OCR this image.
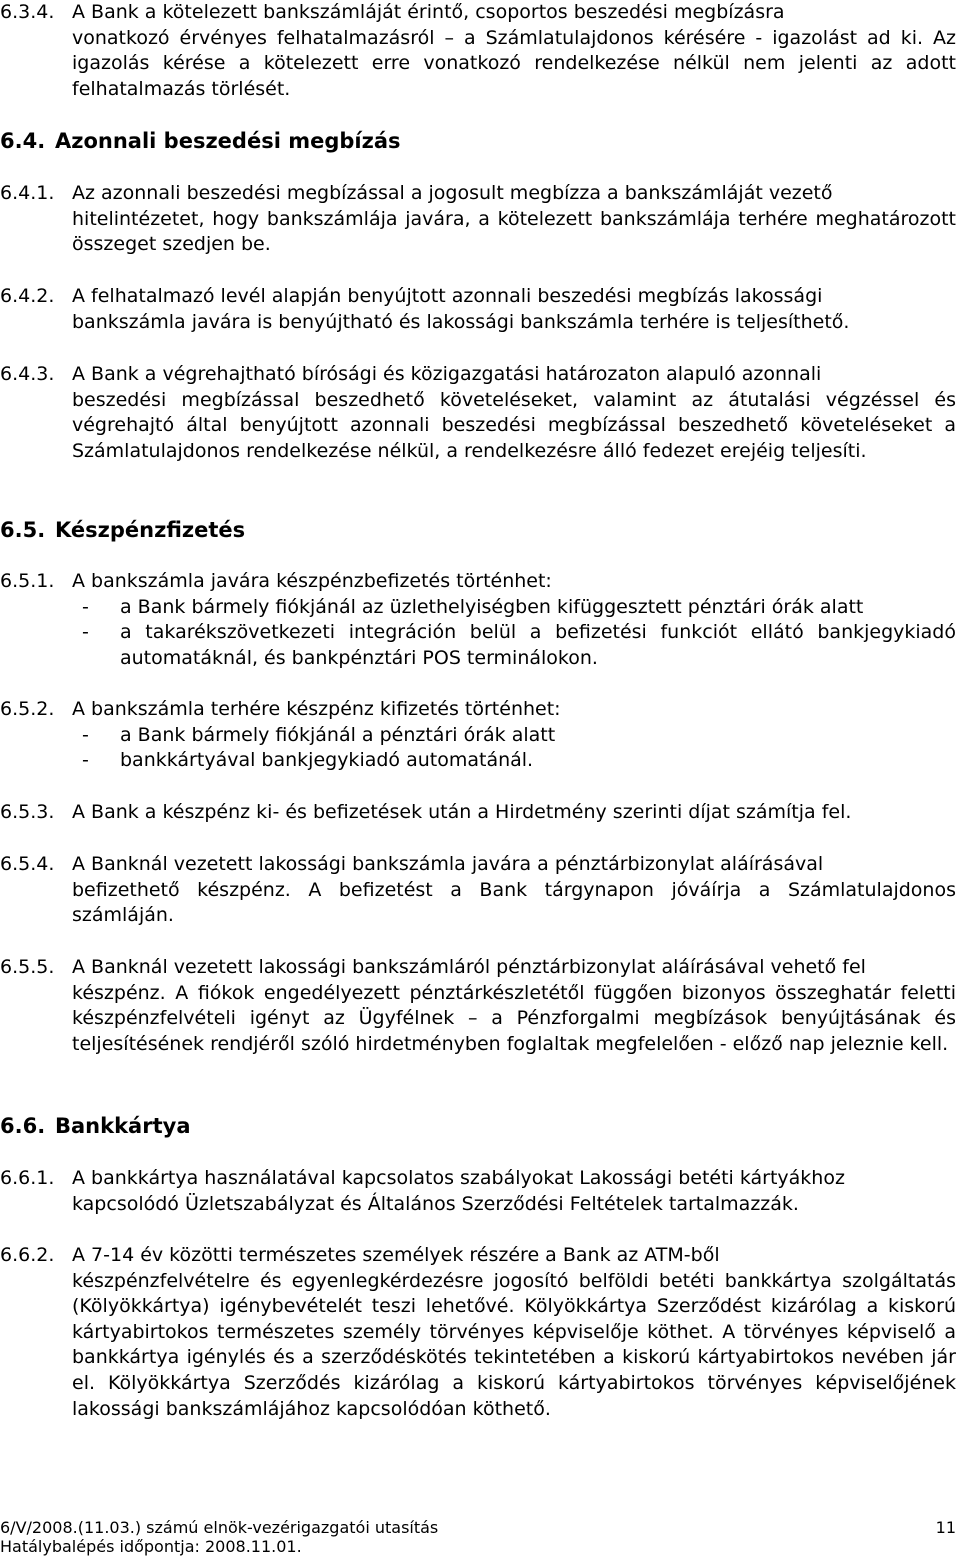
6.3.4. A Bank a kötelezett bankszámláját érintő, csoportos beszedési megbízásra
vonatkozó érvényes felhatalmazásról – a Számlatulajdonos kérésére - igazolást ad ki. Az igazolás kérése a kötelezett erre vonatkozó rendelkezése nélkül nem jelenti az adott felhatalmazás törlését.
6.4. Azonnali beszedési megbízás
6.4.1. Az azonnali beszedési megbízással a jogosult megbízza a bankszámláját vezető
hitelintézetet, hogy bankszámlája javára, a kötelezett bankszámlája terhére meghatározott összeget szedjen be.
6.4.2. A felhatalmazó levél alapján benyújtott azonnali beszedési megbízás lakossági
bankszámla javára is benyújtható és lakossági bankszámla terhére is teljesíthető.
6.4.3. A Bank a végrehajtható bírósági és közigazgatási határozaton alapuló azonnali
beszedési megbízással beszedhető követeléseket, valamint az átutalási végzéssel és végrehajtó által benyújtott azonnali beszedési megbízással beszedhető követeléseket a Számlatulajdonos rendelkezése nélkül, a rendelkezésre álló fedezet erejéig teljesíti.
6.5. Készpénzfizetés
6.5.1. A bankszámla javára készpénzbefizetés történhet:
- a Bank bármely fiókjánál az üzlethelyiségben kifüggesztett pénztári órák alatt
- a takarékszövetkezeti integráción belül a befizetési funkciót ellátó bankjegykiadó automatáknál, és bankpénztári POS terminálokon.
6.5.2. A bankszámla terhére készpénz kifizetés történhet:
- a Bank bármely fiókjánál a pénztári órák alatt
- bankkártyával bankjegykiadó automatánál.
6.5.3. A Bank a készpénz ki- és befizetések után a Hirdetmény szerinti díjat számítja fel.
6.5.4. A Banknál vezetett lakossági bankszámla javára a pénztárbizonylat aláírásával
befizethető készpénz. A befizetést a Bank tárgynapon jóváírja a Számlatulajdonos számláján.
6.5.5. A Banknál vezetett lakossági bankszámláról pénztárbizonylat aláírásával vehető fel
készpénz. A fiókok engedélyezett pénztárkészletétől függően bizonyos összeghatár feletti készpénzfelvételi igényt az Ügyfélnek – a Pénzforgalmi megbízások benyújtásának és teljesítésének rendjéről szóló hirdetményben foglaltak megfelelően - előző nap jeleznie kell.
6.6. Bankkártya
6.6.1. A bankkártya használatával kapcsolatos szabályokat Lakossági betéti kártyákhoz
kapcsolódó Üzletszabályzat és Általános Szerződési Feltételek tartalmazzák.
6.6.2. A 7-14 év közötti természetes személyek részére a Bank az ATM-ből
készpénzfelvételre és egyenlegkérdezésre jogosító belföldi betéti bankkártya szolgáltatás (Kölyökkártya) igénybevételét teszi lehetővé. Kölyökkártya Szerződést kizárólag a kiskorú kártyabirtokos természetes személy törvényes képviselője köthet. A törvényes képviselő a bankkártya igénylés és a szerződéskötés tekintetében a kiskorú kártyabirtokos nevében jár el. Kölyökkártya Szerződés kizárólag a kiskorú kártyabirtokos törvényes képviselőjének lakossági bankszámlájához kapcsolódóan köthető.
6/V/2008.(11.03.) számú elnök-vezérigazgatói utasítás	11
Hatálybalépés időpontja: 2008.11.01.
